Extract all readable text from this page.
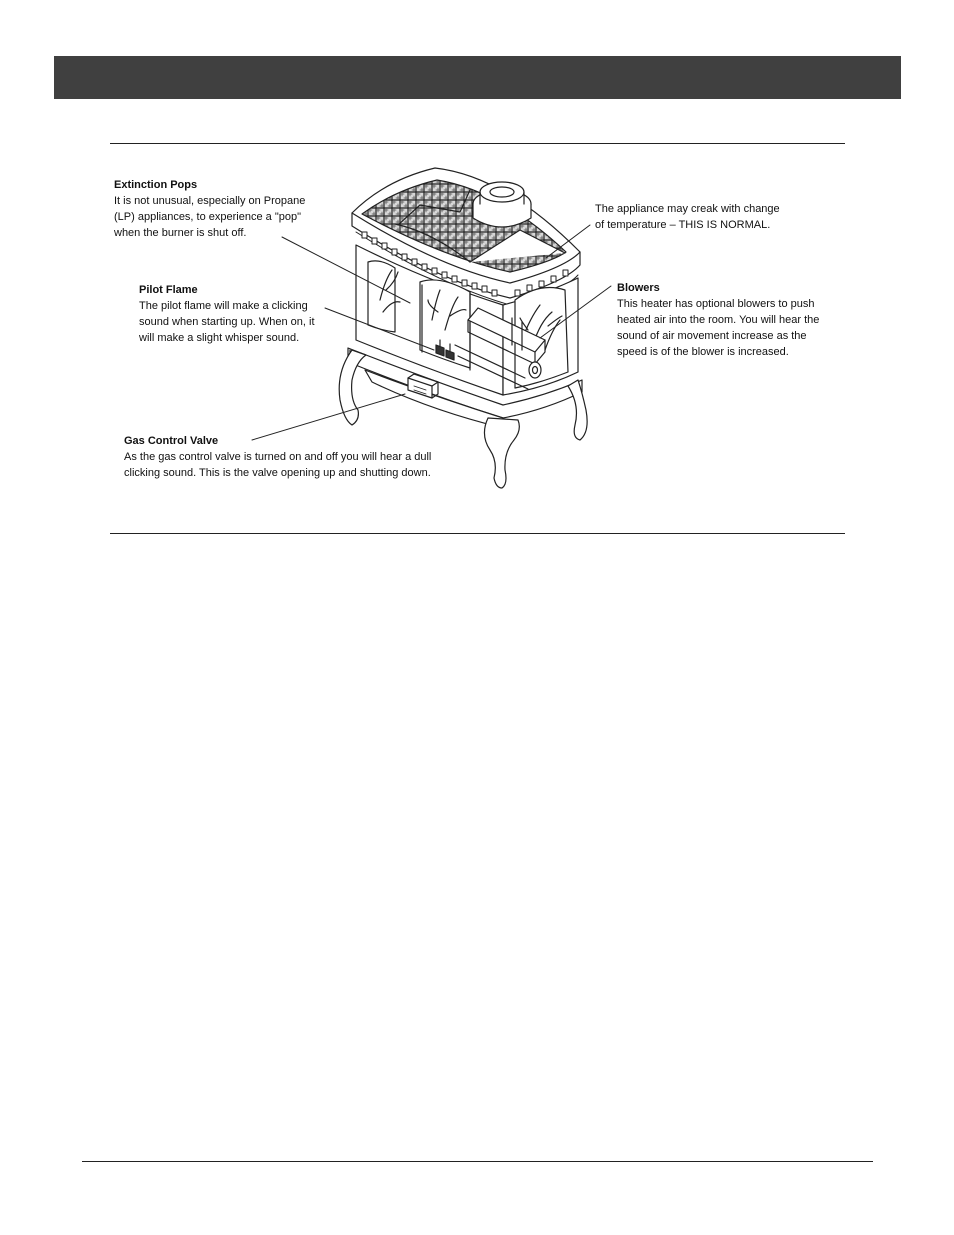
Extinction Pops
It is not unusual, especially on Propane
(LP) appliances, to experience a "pop"
when the burner is shut off.
Pilot Flame
The pilot flame will make a clicking
sound when starting up. When on, it
will make a slight whisper sound.
Gas Control Valve
As the gas control valve is turned on and off you will hear a dull
clicking sound. This is the valve opening up and shutting down.
The appliance may creak with change
of temperature – THIS IS NORMAL.
Blowers
This heater has optional blowers to push
heated air into the room. You will hear the
sound of air movement increase as the
speed is of the blower is increased.
